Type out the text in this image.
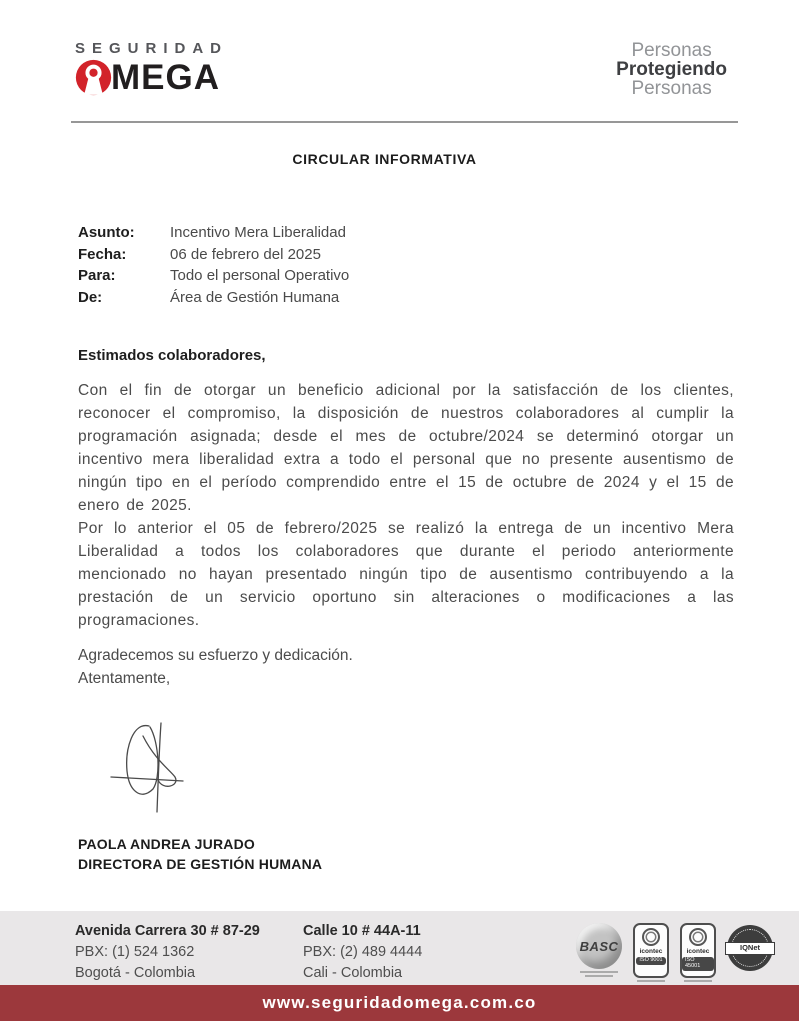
SEGURIDAD
MEGA
Personas
Protegiendo
Personas
CIRCULAR INFORMATIVA
Asunto: Incentivo Mera Liberalidad
Fecha:	06 de febrero del 2025
Para:	Todo el personal Operativo
De:	Área de Gestión Humana
Estimados colaboradores,

Con el fin de otorgar un beneficio adicional por la satisfacción de los clientes, reconocer el compromiso, la disposición de nuestros colaboradores al cumplir la programación asignada; desde el mes de octubre/2024 se determinó otorgar un incentivo mera liberalidad extra a todo el personal que no presente ausentismo de ningún tipo en el período comprendido entre el 15 de octubre de 2024 y el 15 de enero de 2025.

Por lo anterior el 05 de febrero/2025 se realizó la entrega de un incentivo Mera Liberalidad a todos los colaboradores que durante el periodo anteriormente mencionado no hayan presentado ningún tipo de ausentismo contribuyendo a la prestación de un servicio oportuno sin alteraciones o modificaciones a las programaciones.

Agradecemos su esfuerzo y dedicación.
Atentamente,
PAOLA ANDREA JURADO
DIRECTORA DE GESTIÓN HUMANA
Avenida Carrera 30 # 87-29
PBX: (1) 524 1362
Bogotá - Colombia
Calle 10 # 44A-11
PBX: (2) 489 4444
Cali - Colombia
BASC	icontec
ISO 9001
icontec
ISO 45001
IQNet
www.seguridadomega.com.co
